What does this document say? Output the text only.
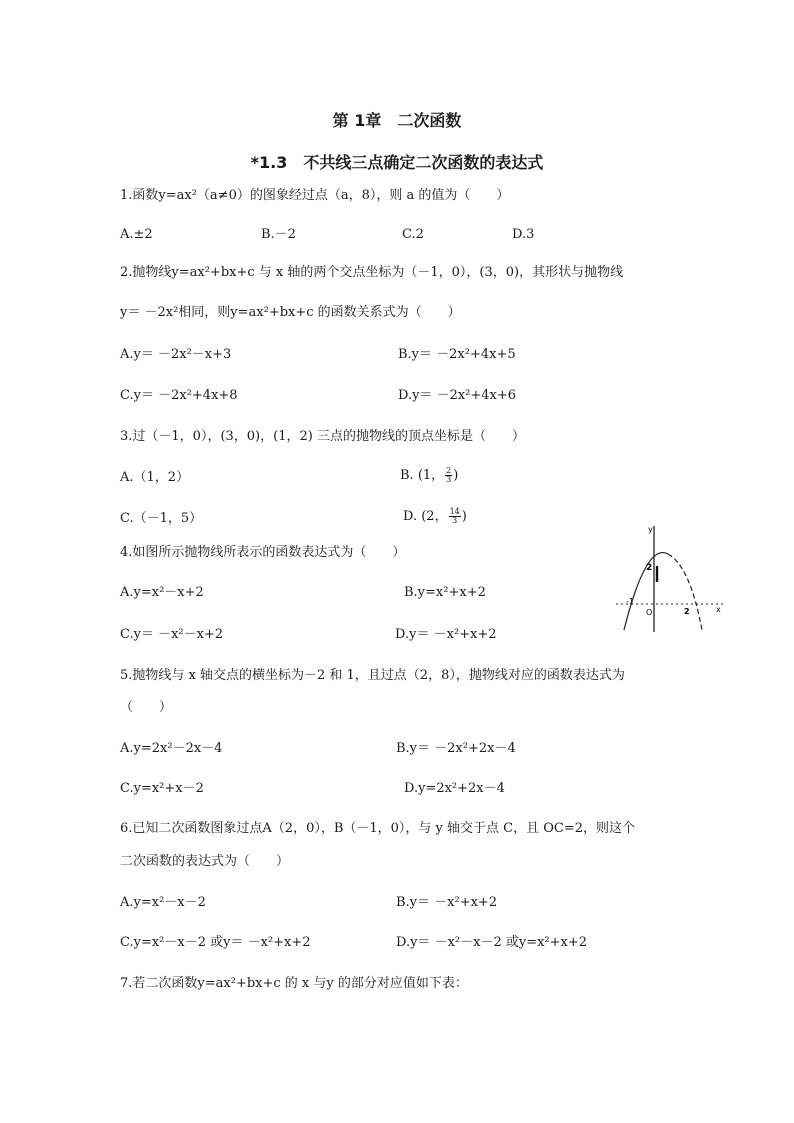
第 1章　二次函数
*1.3　不共线三点确定二次函数的表达式
1.函数y=ax²（a≠0）的图象经过点（a，8），则 a 的值为（　　）
A.±2	B.－2	C.2	D.3
2.抛物线y=ax²+bx+c 与 x 轴的两个交点坐标为（－1，0），(3，0)，其形状与抛物线
y＝ －2x²相同，则y=ax²+bx+c 的函数关系式为（　　）
A.y＝ －2x²－x+3	B.y＝ －2x²+4x+5
C.y＝ －2x²+4x+8	D.y＝ －2x²+4x+6
3.过（－1，0），(3，0)，(1，2) 三点的抛物线的顶点坐标是（　　）
A.（1，2）	B. (1， $\frac{2}{3}$ )
C.（－1，5）	D. (2， $\frac{14}{3}$ )
4.如图所示抛物线所表示的函数表达式为（　　）
A.y=x²－x+2	B.y=x²+x+2
C.y＝ －x²－x+2	D.y＝ －x²+x+2
y
x
2
O
-1
2
5.抛物线与 x 轴交点的横坐标为－2 和 1，且过点（2，8），抛物线对应的函数表达式为
（　　）
A.y=2x²－2x－4	B.y＝ －2x²+2x－4
C.y=x²+x－2	D.y=2x²+2x－4
6.已知二次函数图象过点A（2，0），B（－1，0），与 y 轴交于点 C，且 OC=2，则这个
二次函数的表达式为（　　）
A.y=x²－x－2	B.y＝ －x²+x+2
C.y=x²－x－2 或y＝ －x²+x+2	D.y＝ －x²－x－2 或y=x²+x+2
7.若二次函数y=ax²+bx+c 的 x 与y 的部分对应值如下表：
